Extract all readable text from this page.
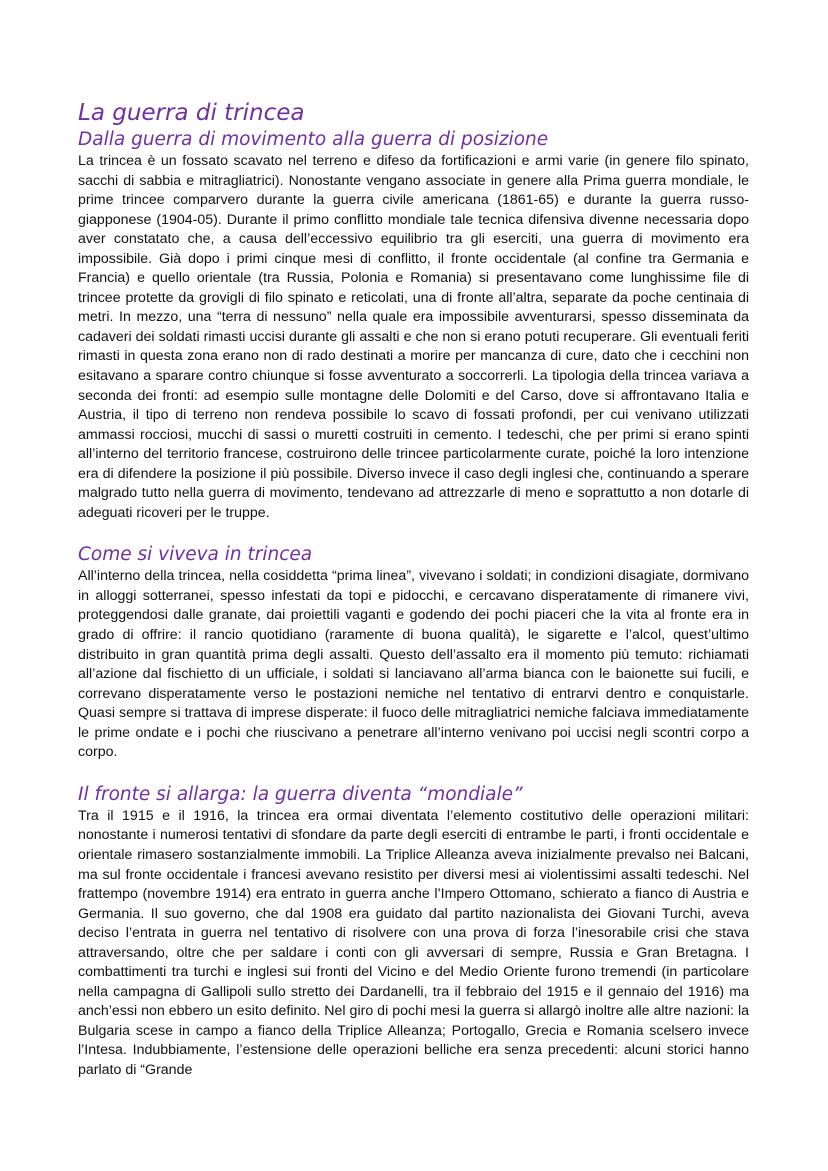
La guerra di trincea
Dalla guerra di movimento alla guerra di posizione

La trincea è un fossato scavato nel terreno e difeso da fortificazioni e armi varie (in genere filo spinato, sacchi di sabbia e mitragliatrici). Nonostante vengano associate in genere alla Prima guerra mondiale, le prime trincee comparvero durante la guerra civile americana (1861-65) e durante la guerra russo-giapponese (1904-05). Durante il primo conflitto mondiale tale tecnica difensiva divenne necessaria dopo aver constatato che, a causa dell’eccessivo equilibrio tra gli eserciti, una guerra di movimento era impossibile. Già dopo i primi cinque mesi di conflitto, il fronte occidentale (al confine tra Germania e Francia) e quello orientale (tra Russia, Polonia e Romania) si presentavano come lunghissime file di trincee protette da grovigli di filo spinato e reticolati, una di fronte all’altra, separate da poche centinaia di metri. In mezzo, una “terra di nessuno” nella quale era impossibile avventurarsi, spesso disseminata da cadaveri dei soldati rimasti uccisi durante gli assalti e che non si erano potuti recuperare. Gli eventuali feriti rimasti in questa zona erano non di rado destinati a morire per mancanza di cure, dato che i cecchini non esitavano a sparare contro chiunque si fosse avventurato a soccorrerli. La tipologia della trincea variava a seconda dei fronti: ad esempio sulle montagne delle Dolomiti e del Carso, dove si affrontavano Italia e Austria, il tipo di terreno non rendeva possibile lo scavo di fossati profondi, per cui venivano utilizzati ammassi rocciosi, mucchi di sassi o muretti costruiti in cemento. I tedeschi, che per primi si erano spinti all’interno del territorio francese, costruirono delle trincee particolarmente curate, poiché la loro intenzione era di difendere la posizione il più possibile. Diverso invece il caso degli inglesi che, continuando a sperare malgrado tutto nella guerra di movimento, tendevano ad attrezzarle di meno e soprattutto a non dotarle di adeguati ricoveri per le truppe.

Come si viveva in trincea

All’interno della trincea, nella cosiddetta “prima linea”, vivevano i soldati; in condizioni disagiate, dormivano in alloggi sotterranei, spesso infestati da topi e pidocchi, e cercavano disperatamente di rimanere vivi, proteggendosi dalle granate, dai proiettili vaganti e godendo dei pochi piaceri che la vita al fronte era in grado di offrire: il rancio quotidiano (raramente di buona qualità), le sigarette e l’alcol, quest’ultimo distribuito in gran quantità prima degli assalti. Questo dell’assalto era il momento più temuto: richiamati all’azione dal fischietto di un ufficiale, i soldati si lanciavano all’arma bianca con le baionette sui fucili, e correvano disperatamente verso le postazioni nemiche nel tentativo di entrarvi dentro e conquistarle. Quasi sempre si trattava di imprese disperate: il fuoco delle mitragliatrici nemiche falciava immediatamente le prime ondate e i pochi che riuscivano a penetrare all’interno venivano poi uccisi negli scontri corpo a corpo.

Il fronte si allarga: la guerra diventa “mondiale”

Tra il 1915 e il 1916, la trincea era ormai diventata l’elemento costitutivo delle operazioni militari: nonostante i numerosi tentativi di sfondare da parte degli eserciti di entrambe le parti, i fronti occidentale e orientale rimasero sostanzialmente immobili. La Triplice Alleanza aveva inizialmente prevalso nei Balcani, ma sul fronte occidentale i francesi avevano resistito per diversi mesi ai violentissimi assalti tedeschi. Nel frattempo (novembre 1914) era entrato in guerra anche l’Impero Ottomano, schierato a fianco di Austria e Germania. Il suo governo, che dal 1908 era guidato dal partito nazionalista dei Giovani Turchi, aveva deciso l’entrata in guerra nel tentativo di risolvere con una prova di forza l’inesorabile crisi che stava attraversando, oltre che per saldare i conti con gli avversari di sempre, Russia e Gran Bretagna. I combattimenti tra turchi e inglesi sui fronti del Vicino e del Medio Oriente furono tremendi (in particolare nella campagna di Gallipoli sullo stretto dei Dardanelli, tra il febbraio del 1915 e il gennaio del 1916) ma anch’essi non ebbero un esito definito. Nel giro di pochi mesi la guerra si allargò inoltre alle altre nazioni: la Bulgaria scese in campo a fianco della Triplice Alleanza; Portogallo, Grecia e Romania scelsero invece l’Intesa. Indubbiamente, l’estensione delle operazioni belliche era senza precedenti: alcuni storici hanno parlato di “Grande
